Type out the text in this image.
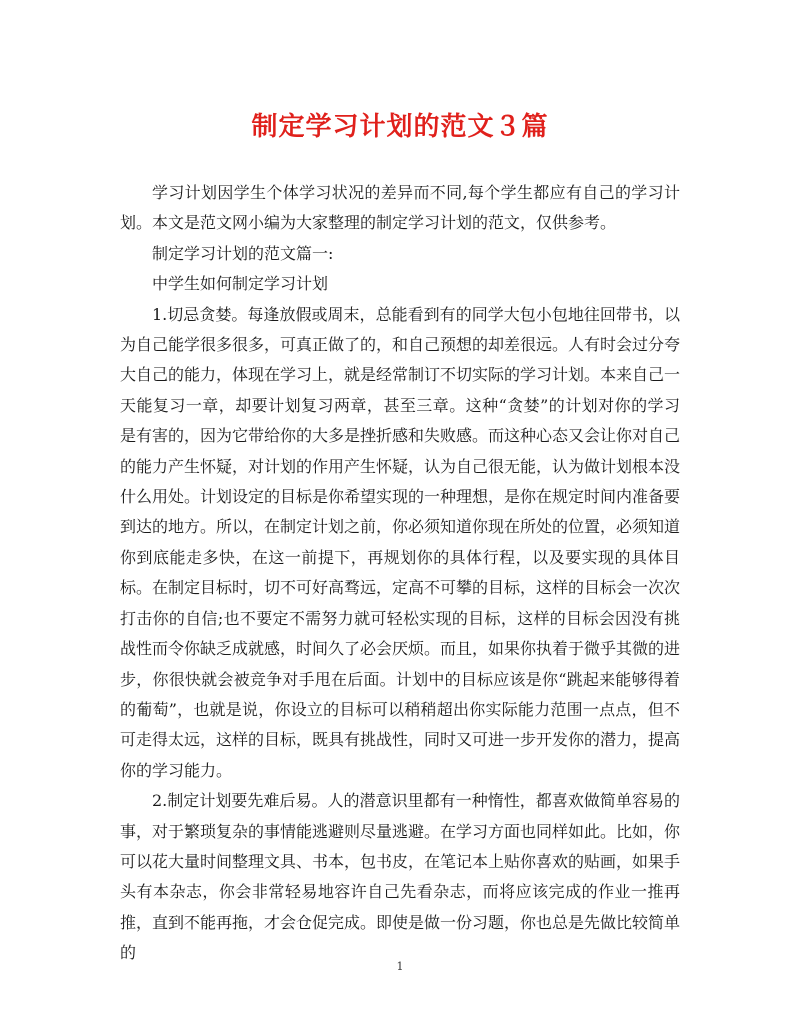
制定学习计划的范文３篇

学习计划因学生个体学习状况的差异而不同,每个学生都应有自己的学习计划。本文是范文网小编为大家整理的制定学习计划的范文，仅供参考。

制定学习计划的范文篇一:

中学生如何制定学习计划

1.切忌贪婪。每逢放假或周末，总能看到有的同学大包小包地往回带书，以为自己能学很多很多，可真正做了的，和自己预想的却差很远。人有时会过分夸大自己的能力，体现在学习上，就是经常制订不切实际的学习计划。本来自己一天能复习一章，却要计划复习两章，甚至三章。这种“贪婪”的计划对你的学习是有害的，因为它带给你的大多是挫折感和失败感。而这种心态又会让你对自己的能力产生怀疑，对计划的作用产生怀疑，认为自己很无能，认为做计划根本没什么用处。计划设定的目标是你希望实现的一种理想，是你在规定时间内准备要到达的地方。所以，在制定计划之前，你必须知道你现在所处的位置，必须知道你到底能走多快，在这一前提下，再规划你的具体行程，以及要实现的具体目标。在制定目标时，切不可好高骛远，定高不可攀的目标，这样的目标会一次次打击你的自信;也不要定不需努力就可轻松实现的目标，这样的目标会因没有挑战性而令你缺乏成就感，时间久了必会厌烦。而且，如果你执着于微乎其微的进步，你很快就会被竞争对手甩在后面。计划中的目标应该是你“跳起来能够得着的葡萄”，也就是说，你设立的目标可以稍稍超出你实际能力范围一点点，但不可走得太远，这样的目标，既具有挑战性，同时又可进一步开发你的潜力，提高你的学习能力。

2.制定计划要先难后易。人的潜意识里都有一种惰性，都喜欢做简单容易的事，对于繁琐复杂的事情能逃避则尽量逃避。在学习方面也同样如此。比如，你可以花大量时间整理文具、书本，包书皮，在笔记本上贴你喜欢的贴画，如果手头有本杂志，你会非常轻易地容许自己先看杂志，而将应该完成的作业一推再推，直到不能再拖，才会仓促完成。即使是做一份习题，你也总是先做比较简单的

1
